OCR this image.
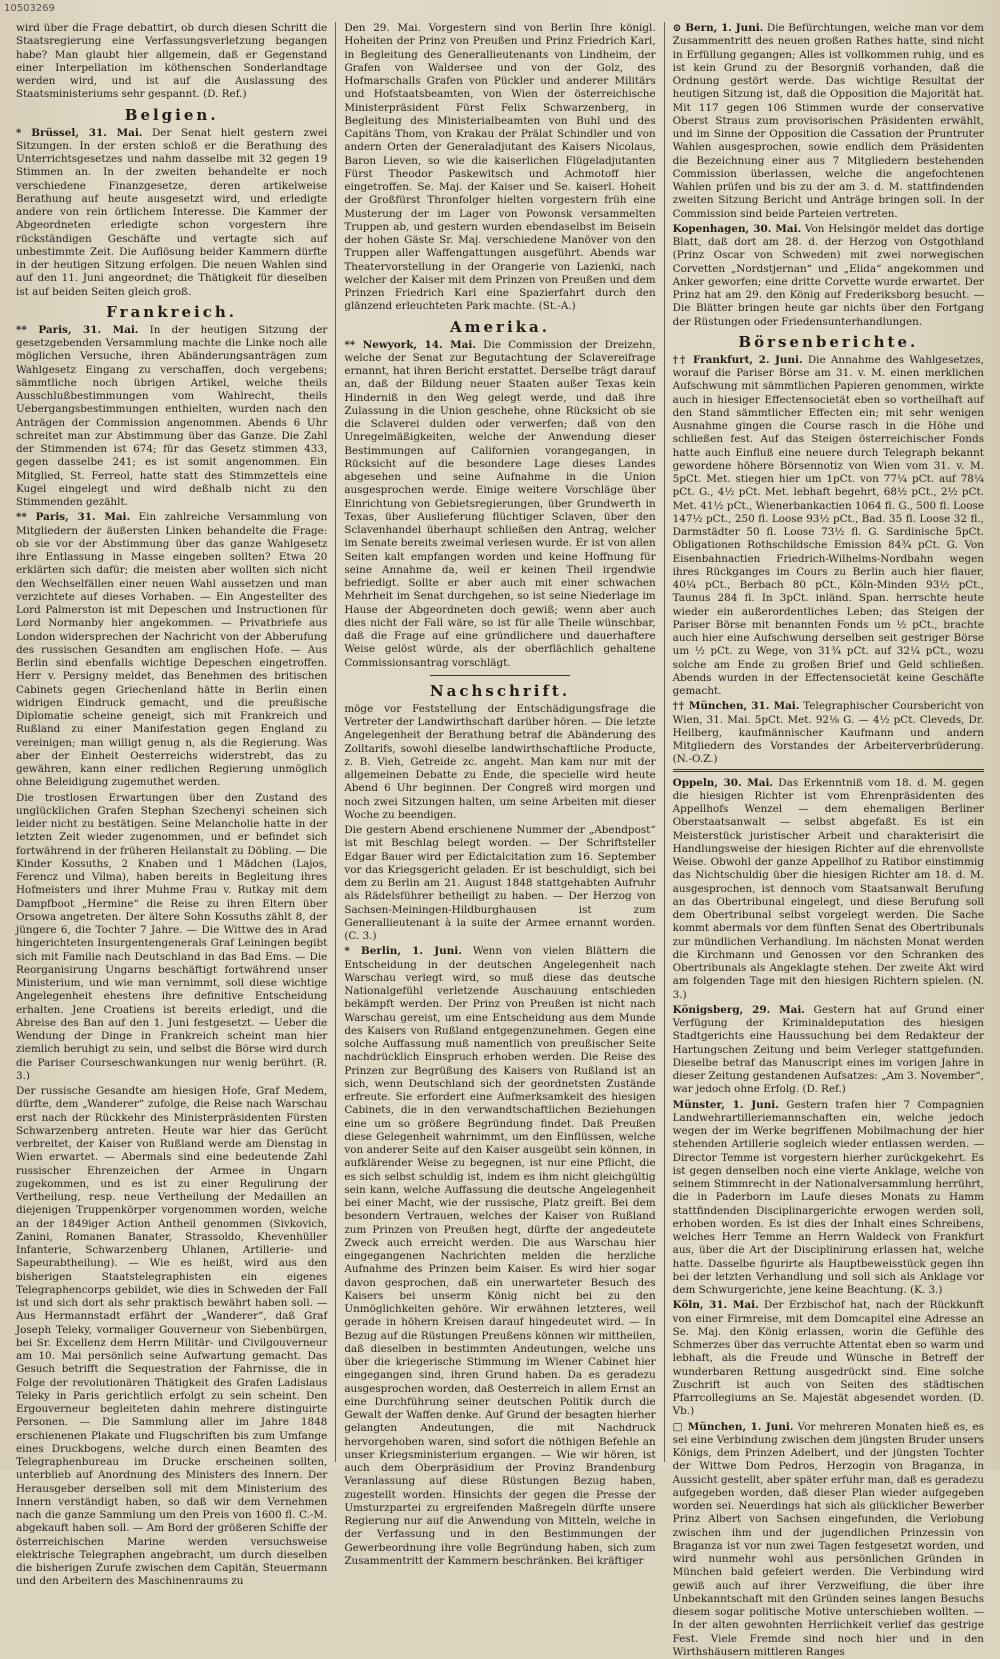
10503269

wird über die Frage debattirt, ob durch diesen Schritt die Staatsregierung eine Verfassungsverletzung begangen habe? Man glaubt hier allgemein, daß er Gegenstand einer Interpellation im köthenschen Sonderlandtage werden wird, und ist auf die Auslassung des Staatsministeriums sehr gespannt. (D. Ref.)

Belgien.

* Brüssel, 31. Mai. Der Senat hielt gestern zwei Sitzungen. In der ersten schloß er die Berathung des Unterrichtsgesetzes und nahm dasselbe mit 32 gegen 19 Stimmen an. In der zweiten behandelte er noch verschiedene Finanzgesetze, deren artikelweise Berathung auf heute ausgesetzt wird, und erledigte andere von rein örtlichem Interesse. Die Kammer der Abgeordneten erledigte schon vorgestern ihre rückständigen Geschäfte und vertagte sich auf unbestimmte Zeit. Die Auflösung beider Kammern dürfte in der heutigen Sitzung erfolgen. Die neuen Wahlen sind auf den 11. Juni angeordnet; die Thätigkeit für dieselben ist auf beiden Seiten gleich groß.

Frankreich.

** Paris, 31. Mai. In der heutigen Sitzung der gesetzgebenden Versammlung machte die Linke noch alle möglichen Versuche, ihren Abänderungsanträgen zum Wahlgesetz Eingang zu verschaffen, doch vergebens; sämmtliche noch übrigen Artikel, welche theils Ausschlußbestimmungen vom Wahlrecht, theils Uebergangsbestimmungen enthielten, wurden nach den Anträgen der Commission angenommen. Abends 6 Uhr schreitet man zur Abstimmung über das Ganze. Die Zahl der Stimmenden ist 674; für das Gesetz stimmen 433, gegen dasselbe 241; es ist somit angenommen. Ein Mitglied, St. Ferreol, hatte statt des Stimmzettels eine Kugel eingelegt und wird deßhalb nicht zu den Stimmenden gezählt.

** Paris, 31. Mai. Ein zahlreiche Versammlung von Mitgliedern der äußersten Linken behandelte die Frage: ob sie vor der Abstimmung über das ganze Wahlgesetz ihre Entlassung in Masse eingeben sollten? Etwa 20 erklärten sich dafür; die meisten aber wollten sich nicht den Wechselfällen einer neuen Wahl aussetzen und man verzichtete auf dieses Vorhaben. — Ein Angestellter des Lord Palmerston ist mit Depeschen und Instructionen für Lord Normanby hier angekommen. — Privatbriefe aus London widersprechen der Nachricht von der Abberufung des russischen Gesandten am englischen Hofe. — Aus Berlin sind ebenfalls wichtige Depeschen eingetroffen. Herr v. Persigny meldet, das Benehmen des britischen Cabinets gegen Griechenland hätte in Berlin einen widrigen Eindruck gemacht, und die preußische Diplomatie scheine geneigt, sich mit Frankreich und Rußland zu einer Manifestation gegen England zu vereinigen; man willigt genug n, als die Regierung. Was aber der Einheit Oesterreichs widerstrebt, das zu gewähren, kann einer redlichen Regierung unmöglich ohne Beleidigung zugemuthet werden.

Die trostlosen Erwartungen über den Zustand des unglücklichen Grafen Stephan Szechenyi scheinen sich leider nicht zu bestätigen. Seine Melancholie hatte in der letzten Zeit wieder zugenommen, und er befindet sich fortwährend in der früheren Heilanstalt zu Döbling. — Die Kinder Kossuths, 2 Knaben und 1 Mädchen (Lajos, Ferencz und Vilma), haben bereits in Begleitung ihres Hofmeisters und ihrer Muhme Frau v. Rutkay mit dem Dampfboot „Hermine“ die Reise zu ihren Eltern über Orsowa angetreten. Der ältere Sohn Kossuths zählt 8, der jüngere 6, die Tochter 7 Jahre. — Die Wittwe des in Arad hingerichteten Insurgentengenerals Graf Leiningen begibt sich mit Familie nach Deutschland in das Bad Ems. — Die Reorganisirung Ungarns beschäftigt fortwährend unser Ministerium, und wie man vernimmt, soll diese wichtige Angelegenheit ehestens ihre definitive Entscheidung erhalten. Jene Croatiens ist bereits erledigt, und die Abreise des Ban auf den 1. Juni festgesetzt. — Ueber die Wendung der Dinge in Frankreich scheint man hier ziemlich beruhigt zu sein, und selbst die Börse wird durch die Pariser Courseschwankungen nur wenig berührt. (R. 3.)

Der russische Gesandte am hiesigen Hofe, Graf Medem, dürfte, dem „Wanderer“ zufolge, die Reise nach Warschau erst nach der Rückkehr des Ministerpräsidenten Fürsten Schwarzenberg antreten. Heute war hier das Gerücht verbreitet, der Kaiser von Rußland werde am Dienstag in Wien erwartet. — Abermals sind eine bedeutende Zahl russischer Ehrenzeichen der Armee in Ungarn zugekommen, und es ist zu einer Regulirung der Vertheilung, resp. neue Vertheilung der Medaillen an diejenigen Truppenkörper vorgenommen worden, welche an der 1849iger Action Antheil genommen (Sivkovich, Zanini, Romanen Banater, Strassoldo, Khevenhüller Infanterie, Schwarzenberg Uhlanen, Artillerie- und Sapeurabtheilung). — Wie es heißt, wird aus den bisherigen Staatstelegraphisten ein eigenes Telegraphencorps gebildet, wie dies in Schweden der Fall ist und sich dort als sehr praktisch bewährt haben soll. — Aus Hermannstadt erfährt der „Wanderer“, daß Graf Joseph Teleky, vormaliger Gouverneur von Siebenbürgen, bei Sr. Excellenz dem Herrn Militär- und Civilgouverneur am 10. Mai persönlich seine Aufwartung gemacht. Das Gesuch betrifft die Sequestration der Fahrnisse, die in Folge der revolutionären Thätigkeit des Grafen Ladislaus Teleky in Paris gerichtlich erfolgt zu sein scheint. Den Ergouverneur begleiteten dahin mehrere distinguirte Personen. — Die Sammlung aller im Jahre 1848 erschienenen Plakate und Flugschriften bis zum Umfange eines Druckbogens, welche durch einen Beamten des Telegraphenbureau im Drucke erscheinen sollten, unterblieb auf Anordnung des Ministers des Innern. Der Herausgeber derselben soll mit dem Ministerium des Innern verständigt haben, so daß wir dem Vernehmen nach die ganze Sammlung um den Preis von 1600 fl. C.-M. abgekauft haben soll. — Am Bord der größeren Schiffe der österreichischen Marine werden versuchsweise elektrische Telegraphen angebracht, um durch dieselben die bisherigen Zurufe zwischen dem Capitän, Steuermann und den Arbeitern des Maschinenraums zu

Den 29. Mai. Vorgestern sind von Berlin Ihre königl. Hoheiten der Prinz von Preußen und Prinz Friedrich Karl, in Begleitung des Generallieutenants von Lindheim, der Grafen von Waldersee und von der Golz, des Hofmarschalls Grafen von Pückler und anderer Militärs und Hofstaatsbeamten, von Wien der österreichische Ministerpräsident Fürst Felix Schwarzenberg, in Begleitung des Ministerialbeamten von Buhl und des Capitäns Thom, von Krakau der Prälat Schindler und von andern Orten der Generaladjutant des Kaisers Nicolaus, Baron Lieven, so wie die kaiserlichen Flügeladjutanten Fürst Theodor Paskewitsch und Achmotoff hier eingetroffen. Se. Maj. der Kaiser und Se. kaiserl. Hoheit der Großfürst Thronfolger hielten vorgestern früh eine Musterung der im Lager von Powonsk versammelten Truppen ab, und gestern wurden ebendaselbst im Beisein der hohen Gäste Sr. Maj. verschiedene Manöver von den Truppen aller Waffengattungen ausgeführt. Abends war Theatervorstellung in der Orangerie von Lazienki, nach welcher der Kaiser mit dem Prinzen von Preußen und dem Prinzen Friedrich Karl eine Spazierfahrt durch den glänzend erleuchteten Park machte. (St.-A.)

Amerika.

** Newyork, 14. Mai. Die Commission der Dreizehn, welche der Senat zur Begutachtung der Sclavereifrage ernannt, hat ihren Bericht erstattet. Derselbe trägt darauf an, daß der Bildung neuer Staaten außer Texas kein Hinderniß in den Weg gelegt werde, und daß ihre Zulassung in die Union geschehe, ohne Rücksicht ob sie die Sclaverei dulden oder verwerfen; daß von den Unregelmäßigkeiten, welche der Anwendung dieser Bestimmungen auf Californien vorangegangen, in Rücksicht auf die besondere Lage dieses Landes abgesehen und seine Aufnahme in die Union ausgesprochen werde. Einige weitere Vorschläge über Einrichtung von Gebietsregierungen, über Grundwerth in Texas, über Auslieferung flüchtiger Sclaven, über den Sclavenhandel überhaupt schließen den Antrag, welcher im Senate bereits zweimal verlesen wurde. Er ist von allen Seiten kalt empfangen worden und keine Hoffnung für seine Annahme da, weil er keinen Theil irgendwie befriedigt. Sollte er aber auch mit einer schwachen Mehrheit im Senat durchgehen, so ist seine Niederlage im Hause der Abgeordneten doch gewiß; wenn aber auch dies nicht der Fall wäre, so ist für alle Theile wünschbar, daß die Frage auf eine gründlichere und dauerhaftere Weise gelöst würde, als der oberflächlich gehaltene Commissionsantrag vorschlägt.

Nachschrift.

möge vor Feststellung der Entschädigungsfrage die Vertreter der Landwirthschaft darüber hören. — Die letzte Angelegenheit der Berathung betraf die Abänderung des Zolltarifs, sowohl dieselbe landwirthschaftliche Producte, z. B. Vieh, Getreide zc. angeht. Man kam nur mit der allgemeinen Debatte zu Ende, die specielle wird heute Abend 6 Uhr beginnen. Der Congreß wird morgen und noch zwei Sitzungen halten, um seine Arbeiten mit dieser Woche zu beendigen.

Die gestern Abend erschienene Nummer der „Abendpost“ ist mit Beschlag belegt worden. — Der Schriftsteller Edgar Bauer wird per Edictalcitation zum 16. September vor das Kriegsgericht geladen. Er ist beschuldigt, sich bei dem zu Berlin am 21. August 1848 stattgehabten Aufruhr als Rädelsführer betheiligt zu haben. — Der Herzog von Sachsen-Meiningen-Hildburghausen ist zum Generallieutenant à la suite der Armee ernannt worden. (C. 3.)

* Berlin, 1. Juni. Wenn von vielen Blättern die Entscheidung in der deutschen Angelegenheit nach Warschau verlegt wird, so muß diese das deutsche Nationalgefühl verletzende Auschauung entschieden bekämpft werden. Der Prinz von Preußen ist nicht nach Warschau gereist, um eine Entscheidung aus dem Munde des Kaisers von Rußland entgegenzunehmen. Gegen eine solche Auffassung muß namentlich von preußischer Seite nachdrücklich Einspruch erhoben werden. Die Reise des Prinzen zur Begrüßung des Kaisers von Rußland ist an sich, wenn Deutschland sich der geordnetsten Zustände erfreute. Sie erfordert eine Aufmerksamkeit des hiesigen Cabinets, die in den verwandtschaftlichen Beziehungen eine um so größere Begründung findet. Daß Preußen diese Gelegenheit wahrnimmt, um den Einflüssen, welche von anderer Seite auf den Kaiser ausgeübt sein können, in aufklärender Weise zu begegnen, ist nur eine Pflicht, die es sich selbst schuldig ist, indem es ihm nicht gleichgültig sein kann, welche Auffassung die deutsche Angelegenheit bei einer Macht, wie der russische, Platz greift. Bei dem besondern Vertrauen, welches der Kaiser von Rußland zum Prinzen von Preußen hegt, dürfte der angedeutete Zweck auch erreicht werden. Die aus Warschau hier eingegangenen Nachrichten melden die herzliche Aufnahme des Prinzen beim Kaiser. Es wird hier sogar davon gesprochen, daß ein unerwarteter Besuch des Kaisers bei unserm König nicht bei zu den Unmöglichkeiten gehöre. Wir erwähnen letzteres, weil gerade in höhern Kreisen darauf hingedeutet wird. — In Bezug auf die Rüstungen Preußens können wir mittheilen, daß dieselben in bestimmten Andeutungen, welche uns über die kriegerische Stimmung im Wiener Cabinet hier eingegangen sind, ihren Grund haben. Da es geradezu ausgesprochen worden, daß Oesterreich in allem Ernst an eine Durchführung seiner deutschen Politik durch die Gewalt der Waffen denke. Auf Grund der besagten hierher gelangten Andeutungen, die mit Nachdruck hervorgehoben waren, sind sofort die nöthigen Befehle an unser Kriegsministerium ergangen. — Wie wir hören, ist auch dem Oberpräsidium der Provinz Brandenburg Veranlassung auf diese Rüstungen Bezug haben, zugestellt worden. Hinsichts der gegen die Presse der Umsturzpartei zu ergreifenden Maßregeln dürfte unsere Regierung nur auf die Anwendung von Mitteln, welche in der Verfassung und in den Bestimmungen der Gewerbeordnung ihre volle Begründung haben, sich zum Zusammentritt der Kammern beschränken. Bei kräftiger

⊙ Bern, 1. Juni. Die Befürchtungen, welche man vor dem Zusammentritt des neuen großen Rathes hatte, sind nicht in Erfüllung gegangen; Alles ist vollkommen ruhig, und es ist kein Grund zu der Besorgniß vorhanden, daß die Ordnung gestört werde. Das wichtige Resultat der heutigen Sitzung ist, daß die Opposition die Majorität hat. Mit 117 gegen 106 Stimmen wurde der conservative Oberst Straus zum provisorischen Präsidenten erwählt, und im Sinne der Opposition die Cassation der Pruntruter Wahlen ausgesprochen, sowie endlich dem Präsidenten die Bezeichnung einer aus 7 Mitgliedern bestehenden Commission überlassen, welche die angefochtenen Wahlen prüfen und bis zu der am 3. d. M. stattfindenden zweiten Sitzung Bericht und Anträge bringen soll. In der Commission sind beide Parteien vertreten.

Kopenhagen, 30. Mai. Von Helsingör meldet das dortige Blatt, daß dort am 28. d. der Herzog von Ostgothland (Prinz Oscar von Schweden) mit zwei norwegischen Corvetten „Nordstjernan“ und „Elida“ angekommen und Anker geworfen; eine dritte Corvette wurde erwartet. Der Prinz hat am 29. den König auf Frederiksborg besucht. — Die Blätter bringen heute gar nichts über den Fortgang der Rüstungen oder Friedensunterhandlungen.

Börsenberichte.

†† Frankfurt, 2. Juni. Die Annahme des Wahlgesetzes, worauf die Pariser Börse am 31. v. M. einen merklichen Aufschwung mit sämmtlichen Papieren genommen, wirkte auch in hiesiger Effectensocietät eben so vortheilhaft auf den Stand sämmtlicher Effecten ein; mit sehr wenigen Ausnahme gingen die Course rasch in die Höhe und schließen fest. Auf das Steigen österreichischer Fonds hatte auch Einfluß eine neuere durch Telegraph bekannt gewordene höhere Börsennotiz von Wien vom 31. v. M. 5pCt. Met. stiegen hier um 1pCt. von 77¼ pCt. auf 78¼ pCt. G., 4½ pCt. Met. lebhaft begehrt, 68½ pCt., 2½ pCt. Met. 41½ pCt., Wienerbankactien 1064 fl. G., 500 fl. Loose 147½ pCt., 250 fl. Loose 93½ pCt., Bad. 35 fl. Loose 32 fl., Darmstädter 50 fl. Loose 73½ fl. G. Sardinische 5pCt. Obligationen Rothschildsche Emission 84¾ pCt. G. Von Eisenbahnactien Friedrich-Wilhelms-Nordbahn wegen ihres Rückganges im Cours zu Berlin auch hier flauer, 40¼ pCt., Berbach 80 pCt., Köln-Minden 93½ pCt., Taunus 284 fl. In 3pCt. inländ. Span. herrschte heute wieder ein außerordentliches Leben; das Steigen der Pariser Börse mit benannten Fonds um ½ pCt., brachte auch hier eine Aufschwung derselben seit gestriger Börse um ½ pCt. zu Wege, von 31¾ pCt. auf 32¼ pCt., wozu solche am Ende zu großen Brief und Geld schließen. Abends wurden in der Effectensocietät keine Geschäfte gemacht.

†† München, 31. Mai. Telegraphischer Coursbericht von Wien, 31. Mai. 5pCt. Met. 92⅛ G. — 4½ pCt. Cleveds, Dr. Heilberg, kaufmännischer Kaufmann und andern Mitgliedern des Vorstandes der Arbeiterverbrüderung. (N.-O.Z.)

Oppeln, 30. Mai. Das Erkenntniß vom 18. d. M. gegen die hiesigen Richter ist vom Ehrenpräsidenten des Appellhofs Wenzel — dem ehemaligen Berliner Oberstaatsanwalt — selbst abgefaßt. Es ist ein Meisterstück juristischer Arbeit und charakterisirt die Handlungsweise der hiesigen Richter auf die ehrenvollste Weise. Obwohl der ganze Appellhof zu Ratibor einstimmig das Nichtschuldig über die hiesigen Richter am 18. d. M. ausgesprochen, ist dennoch vom Staatsanwalt Berufung an das Obertribunal eingelegt, und diese Berufung soll dem Obertribunal selbst vorgelegt werden. Die Sache kommt abermals vor dem fünften Senat des Obertribunals zur mündlichen Verhandlung. Im nächsten Monat werden die Kirchmann und Genossen vor den Schranken des Obertribunals als Angeklagte stehen. Der zweite Akt wird am folgenden Tage mit den hiesigen Richtern spielen. (N. 3.)

Königsberg, 29. Mai. Gestern hat auf Grund einer Verfügung der Kriminaldeputation des hiesigen Stadtgerichts eine Haussuchung bei dem Redakteur der Hartungschen Zeitung und beim Verleger stattgefunden. Dieselbe betraf das Manuscript eines im vorigen Jahre in dieser Zeitung gestandenen Aufsatzes: „Am 3. November“, war jedoch ohne Erfolg. (D. Ref.)

Münster, 1. Juni. Gestern trafen hier 7 Compagnien Landwehrartilleriemannschaften ein, welche jedoch wegen der im Werke begriffenen Mobilmachung der hier stehenden Artillerie sogleich wieder entlassen werden. — Director Temme ist vorgestern hierher zurückgekehrt. Es ist gegen denselben noch eine vierte Anklage, welche von seinem Stimmrecht in der Nationalversammlung herrührt, die in Paderborn im Laufe dieses Monats zu Hamm stattfindenden Disciplinargerichte erwogen werden soll, erhoben worden. Es ist dies der Inhalt eines Schreibens, welches Herr Temme an Herrn Waldeck von Frankfurt aus, über die Art der Disciplinirung erlassen hat, welche hatte. Dasselbe figurirte als Hauptbeweisstück gegen ihn bei der letzten Verhandlung und soll sich als Anklage vor dem Schwurgerichte, jene keine Beachtung. (K. 3.)

Köln, 31. Mai. Der Erzbischof hat, nach der Rückkunft von einer Firmreise, mit dem Domcapitel eine Adresse an Se. Maj. den König erlassen, worin die Gefühle des Schmerzes über das verruchte Attentat eben so warm und lebhaft, als die Freude und Wünsche in Betreff der wunderbaren Rettung ausgedrückt sind. Eine solche Zuschrift ist auch von Seiten des städtischen Pfarrcollegiums an Se. Majestät abgesendet worden. (D. Vb.)

□ München, 1. Juni. Vor mehreren Monaten hieß es, es sei eine Verbindung zwischen dem jüngsten Bruder unsers Königs, dem Prinzen Adelbert, und der jüngsten Tochter der Wittwe Dom Pedros, Herzogin von Braganza, in Aussicht gestellt, aber später erfuhr man, daß es geradezu aufgegeben worden, daß dieser Plan wieder aufgegeben worden sei. Neuerdings hat sich als glücklicher Bewerber Prinz Albert von Sachsen eingefunden, die Verlobung zwischen ihm und der jugendlichen Prinzessin von Braganza ist vor nun zwei Tagen festgesetzt worden, und wird nunmehr wohl aus persönlichen Gründen in München bald gefeiert werden. Die Verbindung wird gewiß auch auf ihrer Verzweiflung, die über ihre Unbekanntschaft mit den Gründen seines langen Besuchs diesem sogar politische Motive unterschieben wollten. — In der alten gewohnten Herrlichkeit verlief das gestrige Fest. Viele Fremde sind noch hier und in den Wirthshäusern mittleren Ranges
